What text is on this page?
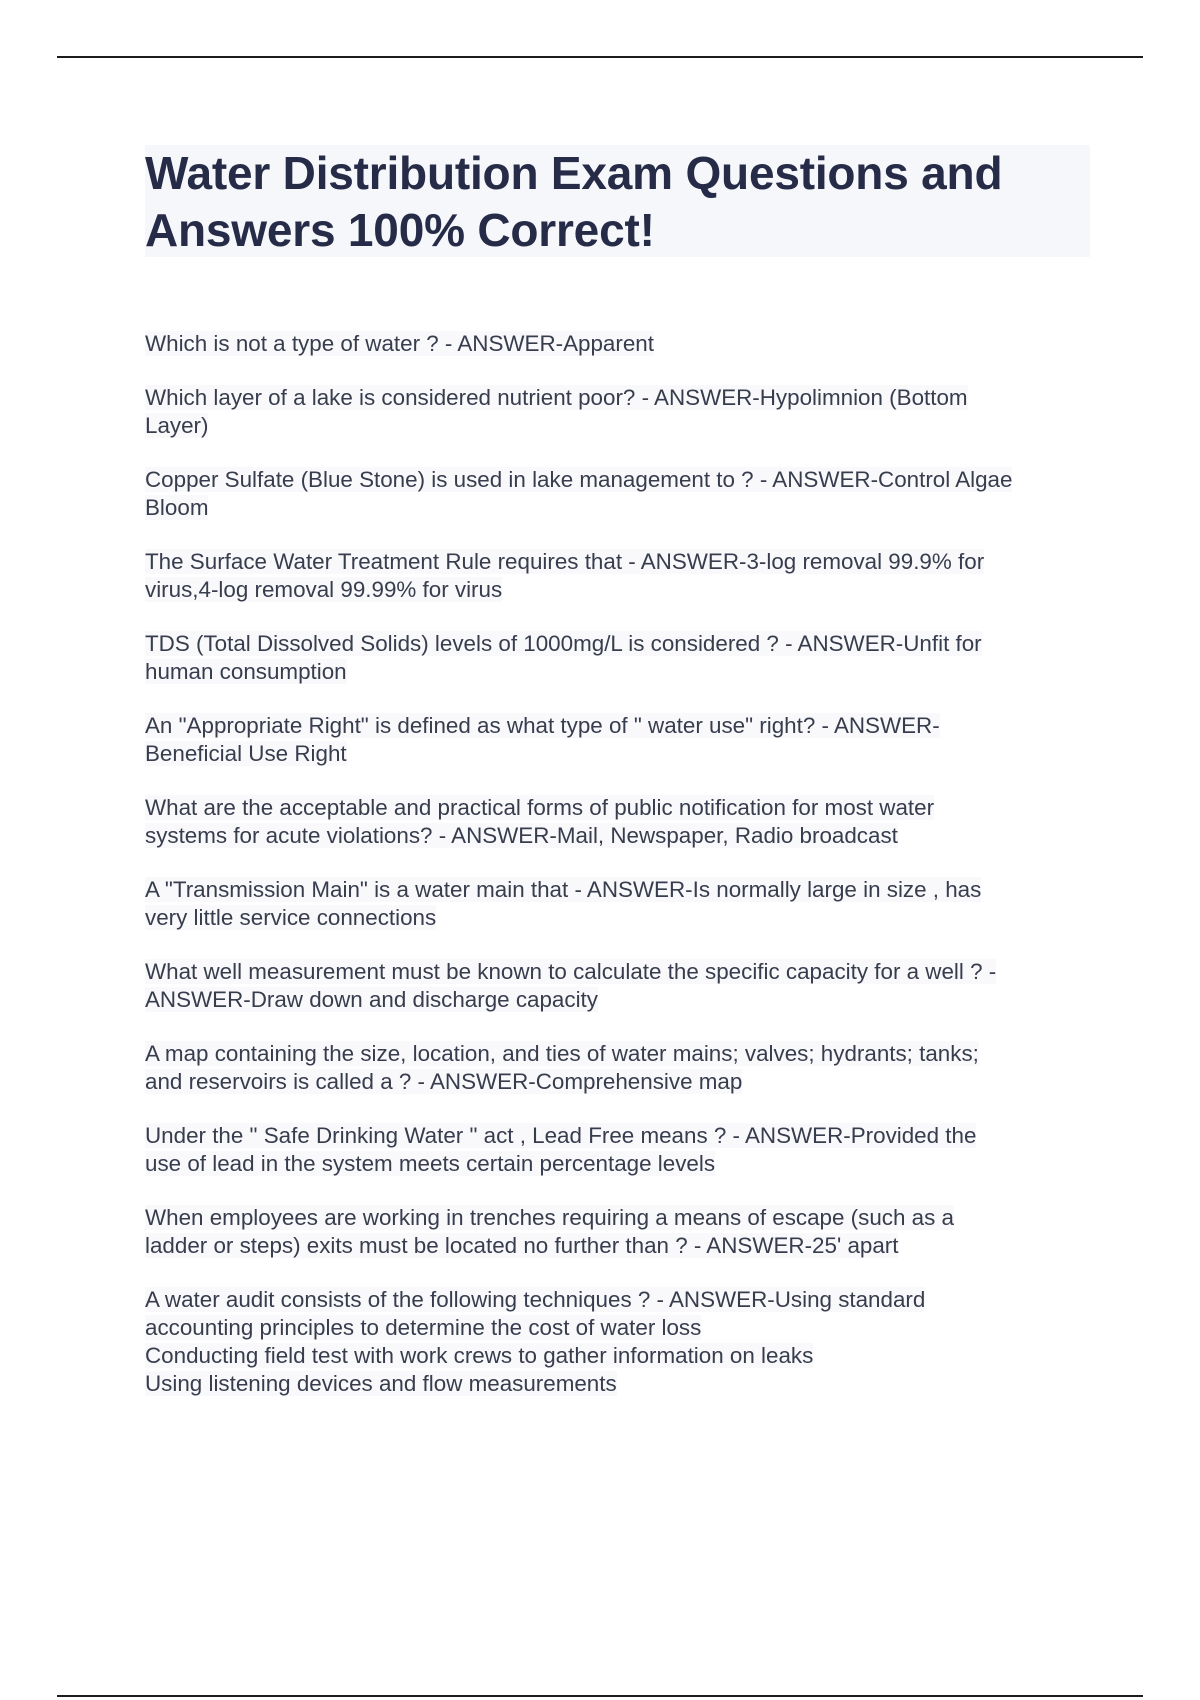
Water Distribution Exam Questions and Answers 100% Correct!
Which is not a type of water ? - ANSWER-Apparent
Which layer of a lake is considered nutrient poor? - ANSWER-Hypolimnion (Bottom
Layer)
Copper Sulfate (Blue Stone) is used in lake management to ? - ANSWER-Control Algae
Bloom
The Surface Water Treatment Rule requires that - ANSWER-3-log removal 99.9% for
virus,4-log removal 99.99% for virus
TDS (Total Dissolved Solids) levels of 1000mg/L is considered ? - ANSWER-Unfit for
human consumption
An "Appropriate Right" is defined as what type of " water use" right? - ANSWER-
Beneficial Use Right
What are the acceptable and practical forms of public notification for most water
systems for acute violations? - ANSWER-Mail, Newspaper, Radio broadcast
A "Transmission Main" is a water main that - ANSWER-Is normally large in size , has
very little service connections
What well measurement must be known to calculate the specific capacity for a well ? -
ANSWER-Draw down and discharge capacity
A map containing the size, location, and ties of water mains; valves; hydrants; tanks;
and reservoirs is called a ? - ANSWER-Comprehensive map
Under the " Safe Drinking Water " act , Lead Free means ? - ANSWER-Provided the
use of lead in the system meets certain percentage levels
When employees are working in trenches requiring a means of escape (such as a
ladder or steps) exits must be located no further than ? - ANSWER-25' apart
A water audit consists of the following techniques ? - ANSWER-Using standard
accounting principles to determine the cost of water loss
Conducting field test with work crews to gather information on leaks
Using listening devices and flow measurements
